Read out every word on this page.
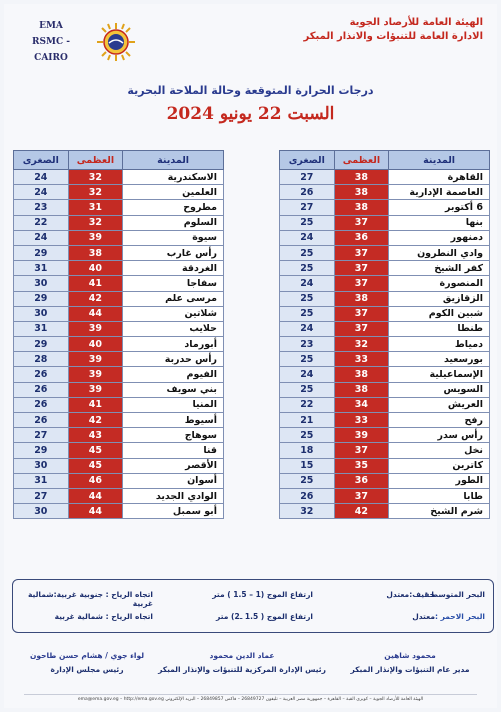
EMA
RSMC - CAIRO
الهيئة العامة للأرصاد الجوية
الادارة العامة للتنبؤات والانذار المبكر
درجات الحرارة المتوقعة وحالة الملاحة البحرية
السبت 22 يونيو 2024
المدينة	العظمى	الصغرى
القاهرة	38	27
العاصمة الإدارية	38	26
6 أكتوبر	38	27
بنها	37	25
دمنهور	36	24
وادي النطرون	37	25
كفر الشيخ	37	25
المنصورة	37	24
الزقازيق	38	25
شبين الكوم	37	25
طنطا	37	24
دمياط	32	23
بورسعيد	33	25
الإسماعيلية	38	24
السويس	38	25
العريش	34	22
رفح	33	21
رأس سدر	39	25
نخل	37	18
كاترين	35	15
الطور	36	25
طابا	37	26
شرم الشيخ	42	32
المدينة	العظمى	الصغرى
الاسكندرية	32	24
العلمين	32	24
مطروح	31	23
السلوم	32	22
سيوة	39	24
رأس غارب	38	29
الغردقة	40	31
سفاجا	41	30
مرسى علم	42	29
شلاتين	44	30
حلايب	39	31
أبورماد	40	29
رأس حدربة	39	28
الفيوم	39	26
بني سويف	39	26
المنيا	41	26
أسيوط	42	26
سوهاج	43	27
قنا	45	29
الأقصر	45	30
أسوان	46	31
الوادي الجديد	44	27
أبو سمبل	44	30
البحر المتوسط :
خفيف:معتدل
ارتفاع الموج (1 – 1.5 ) متر
اتجاه الرياح : جنوبية غربية:شمالية غربية
البحر الاحمر :
معتدل
ارتفاع الموج ( 1.5 ـ2) متر
اتجاه الرياح : شمالية غربية
محمود شاهين
مدير عام التنبؤات والإنذار المبكر
عماد الدين محمود
رئيس الإدارة المركزية للتنبؤات والإنذار المبكر
لواء جوي / هشام حسن طاحون
رئيس مجلس الإدارة
الهيئة العامة للأرصاد الجوية – كوبري القبة – القاهرة – جمهورية مصر العربية – تليفون 26849727 – فاكس 26849857 – البريد الإلكتروني ema@ema.gov.eg – http://ema.gov.eg
